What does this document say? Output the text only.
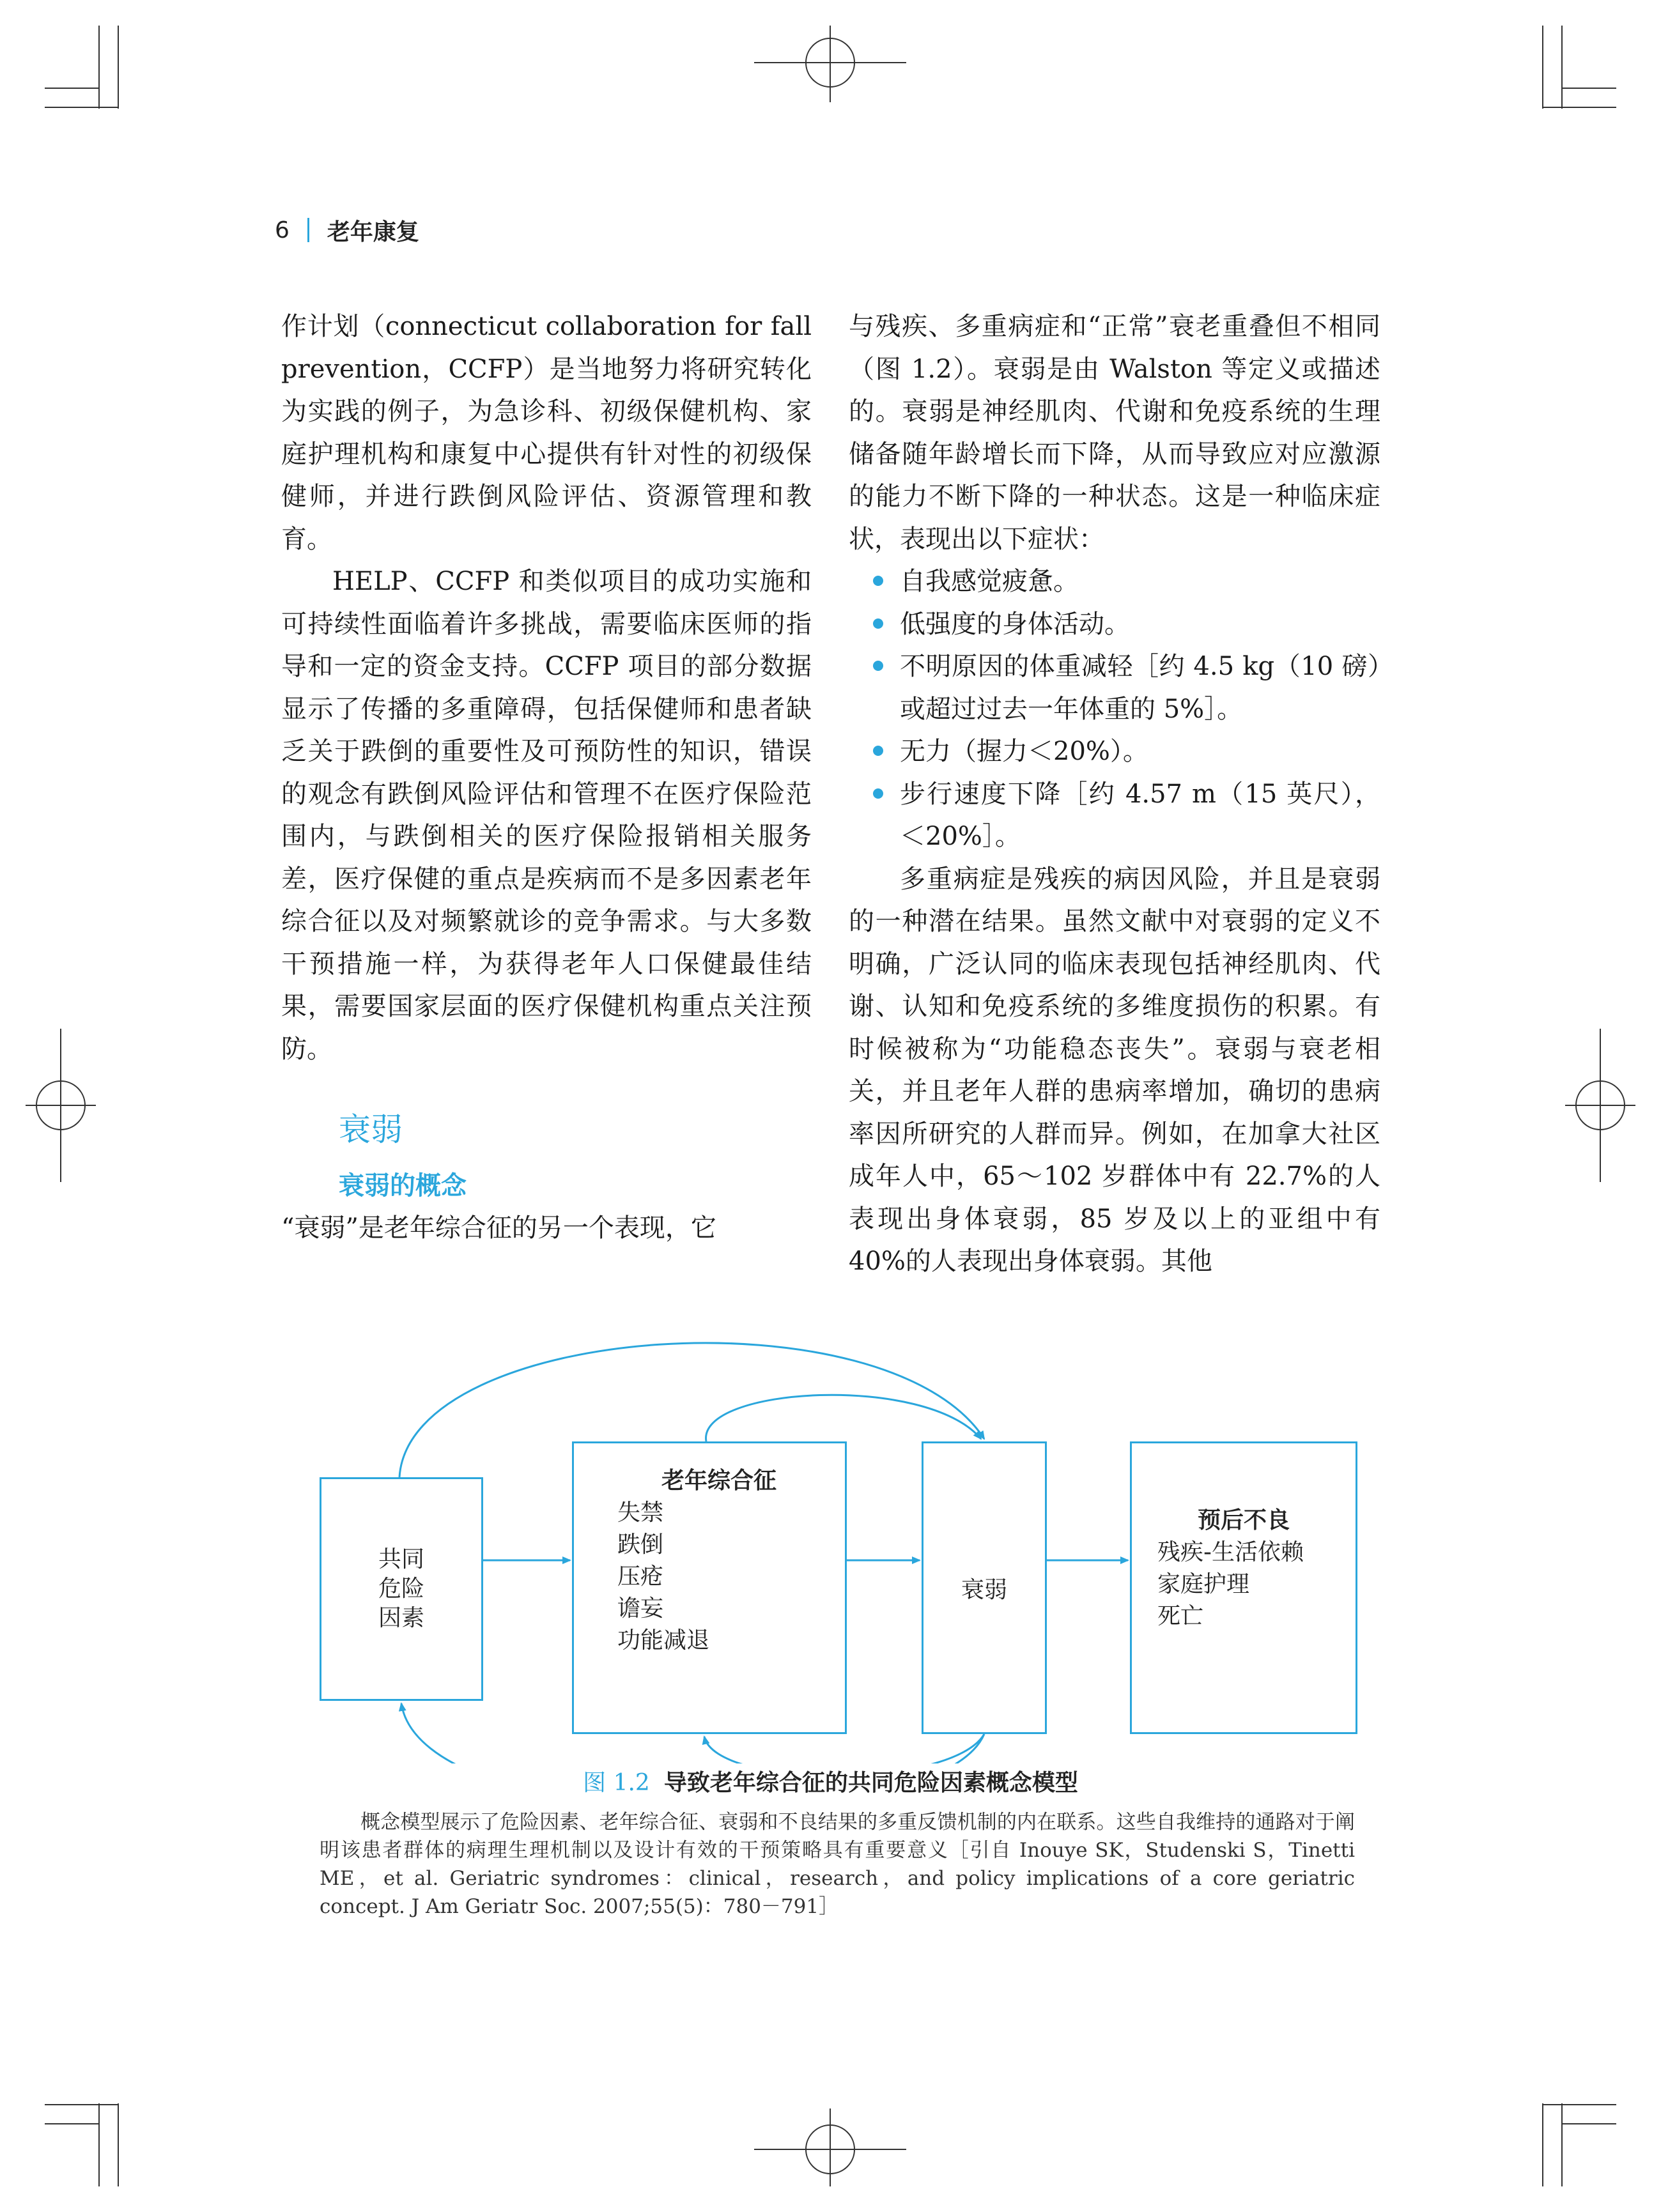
6 老年康复

作计划（connecticut collaboration for fall prevention，CCFP）是当地努力将研究转化为实践的例子，为急诊科、初级保健机构、家庭护理机构和康复中心提供有针对性的初级保健师，并进行跌倒风险评估、资源管理和教育。

HELP、CCFP 和类似项目的成功实施和可持续性面临着许多挑战，需要临床医师的指导和一定的资金支持。CCFP 项目的部分数据显示了传播的多重障碍，包括保健师和患者缺乏关于跌倒的重要性及可预防性的知识，错误的观念有跌倒风险评估和管理不在医疗保险范围内，与跌倒相关的医疗保险报销相关服务差，医疗保健的重点是疾病而不是多因素老年综合征以及对频繁就诊的竞争需求。与大多数干预措施一样，为获得老年人口保健最佳结果，需要国家层面的医疗保健机构重点关注预防。

衰弱
衰弱的概念

“衰弱”是老年综合征的另一个表现，它

与残疾、多重病症和“正常”衰老重叠但不相同（图 1.2）。衰弱是由 Walston 等定义或描述的。衰弱是神经肌肉、代谢和免疫系统的生理储备随年龄增长而下降，从而导致应对应激源的能力不断下降的一种状态。这是一种临床症状，表现出以下症状：

自我感觉疲惫。
低强度的身体活动。
不明原因的体重减轻［约 4.5 kg（10 磅）或超过过去一年体重的 5%］。
无力（握力＜20%）。
步行速度下降［约 4.57 m（15 英尺），＜20%］。

多重病症是残疾的病因风险，并且是衰弱的一种潜在结果。虽然文献中对衰弱的定义不明确，广泛认同的临床表现包括神经肌肉、代谢、认知和免疫系统的多维度损伤的积累。有时候被称为“功能稳态丧失”。衰弱与衰老相关，并且老年人群的患病率增加，确切的患病率因所研究的人群而异。例如，在加拿大社区成年人中，65～102 岁群体中有 22.7%的人表现出身体衰弱，85 岁及以上的亚组中有 40%的人表现出身体衰弱。其他

共同
危险
因素
老年综合征
失禁
跌倒
压疮
谵妄
功能减退
衰弱
预后不良
残疾-生活依赖
家庭护理
死亡
图 1.2 导致老年综合征的共同危险因素概念模型

概念模型展示了危险因素、老年综合征、衰弱和不良结果的多重反馈机制的内在联系。这些自我维持的通路对于阐明该患者群体的病理生理机制以及设计有效的干预策略具有重要意义［引自 Inouye SK，Studenski S，Tinetti ME，et al. Geriatric syndromes：clinical，research，and policy implications of a core geriatric concept. J Am Geriatr Soc. 2007;55(5)：780－791］
